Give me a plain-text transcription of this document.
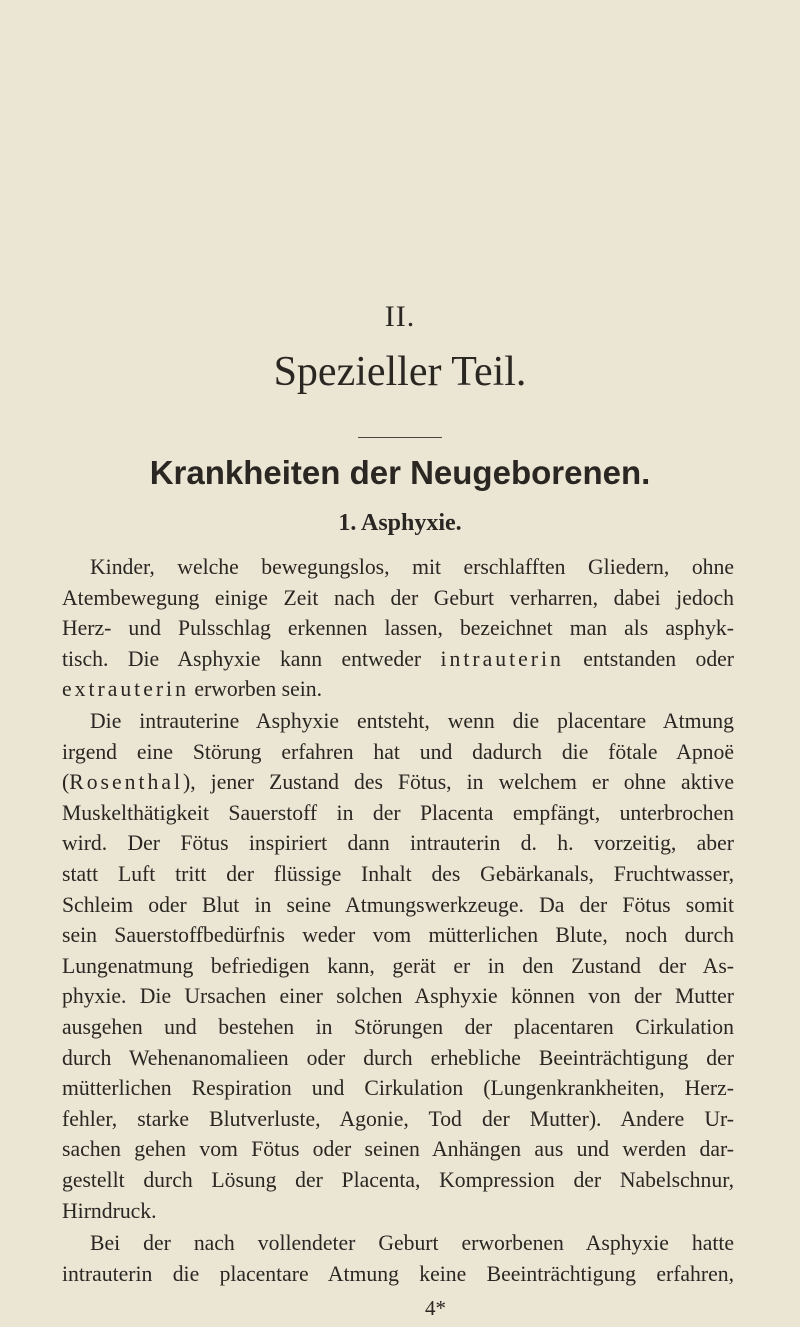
II.
Spezieller Teil.
Krankheiten der Neugeborenen.
1. Asphyxie.
Kinder, welche bewegungslos, mit erschlafften Gliedern, ohne
Atembewegung einige Zeit nach der Geburt verharren, dabei jedoch
Herz- und Pulsschlag erkennen lassen, bezeichnet man als asphyk-
tisch. Die Asphyxie kann entweder intrauterin entstanden oder
extrauterin erworben sein.
Die intrauterine Asphyxie entsteht, wenn die placentare Atmung
irgend eine Störung erfahren hat und dadurch die fötale Apnoë
(Rosenthal), jener Zustand des Fötus, in welchem er ohne aktive
Muskelthätigkeit Sauerstoff in der Placenta empfängt, unterbrochen
wird. Der Fötus inspiriert dann intrauterin d. h. vorzeitig, aber
statt Luft tritt der flüssige Inhalt des Gebärkanals, Fruchtwasser,
Schleim oder Blut in seine Atmungswerkzeuge. Da der Fötus somit
sein Sauerstoffbedürfnis weder vom mütterlichen Blute, noch durch
Lungenatmung befriedigen kann, gerät er in den Zustand der As-
phyxie. Die Ursachen einer solchen Asphyxie können von der Mutter
ausgehen und bestehen in Störungen der placentaren Cirkulation
durch Wehenanomalieen oder durch erhebliche Beeinträchtigung der
mütterlichen Respiration und Cirkulation (Lungenkrankheiten, Herz-
fehler, starke Blutverluste, Agonie, Tod der Mutter). Andere Ur-
sachen gehen vom Fötus oder seinen Anhängen aus und werden dar-
gestellt durch Lösung der Placenta, Kompression der Nabelschnur,
Hirndruck.
Bei der nach vollendeter Geburt erworbenen Asphyxie hatte
intrauterin die placentare Atmung keine Beeinträchtigung erfahren,
4*
